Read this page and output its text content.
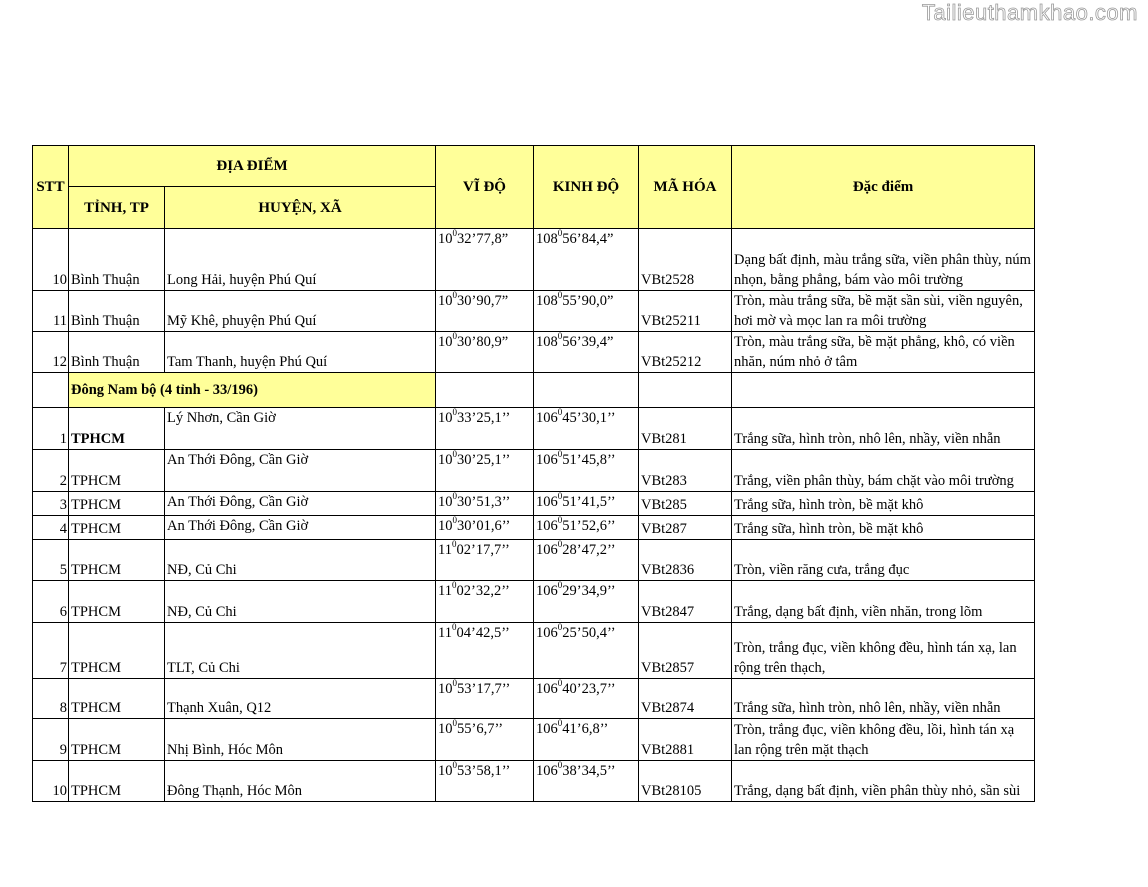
Tailieuthamkhao.com
STT	ĐỊA ĐIỂM		VĨ ĐỘ	KINH ĐỘ	MÃ HÓA	Đặc điểm
	TỈNH, TP	HUYỆN, XÃ				
10	Bình Thuận	Long Hải, huyện Phú Quí	$10^032’77,8$”	$108^056’84,4$”	VBt2528	Dạng bất định, màu trắng sữa, viền phân thùy, núm nhọn, bằng phẳng, bám vào môi trường
11	Bình Thuận	Mỹ Khê, phuyện Phú Quí	$10^030’90,7$”	$108^055’90,0$”	VBt25211	Tròn, màu trắng sữa, bề mặt sần sùi, viền nguyên, hơi mờ và mọc lan ra môi trường
12	Bình Thuận	Tam Thanh, huyện Phú Quí	$10^030’80,9$”	$108^056’39,4$”	VBt25212	Tròn, màu trắng sữa, bề mặt phẳng, khô, có viền nhăn, núm nhỏ ở tâm
	Đông Nam bộ (4 tỉnh - 33/196)					
1	TPHCM	Lý Nhơn, Cần Giờ	$10^033’25,1$’’	$106^045’30,1$’’	VBt281	Trắng sữa, hình tròn, nhô lên, nhầy, viền nhẵn
2	TPHCM	An Thới Đông, Cần Giờ	$10^030’25,1$’’	$106^051’45,8$’’	VBt283	Trắng, viền phân thùy, bám chặt vào môi trường
3	TPHCM	An Thới Đông, Cần Giờ	$10^030’51,3$’’	$106^051’41,5$’’	VBt285	Trắng sữa, hình tròn, bề mặt khô
4	TPHCM	An Thới Đông, Cần Giờ	$10^030’01,6$’’	$106^051’52,6$’’	VBt287	Trắng sữa, hình tròn, bề mặt khô
5	TPHCM	NĐ, Củ Chi	$11^002’17,7$’’	$106^028’47,2$’’	VBt2836	Tròn, viền răng cưa, trắng đục
6	TPHCM	NĐ, Củ Chi	$11^002’32,2$’’	$106^029’34,9$’’	VBt2847	Trắng, dạng bất định, viền nhăn, trong lõm
7	TPHCM	TLT, Củ Chi	$11^004’42,5$’’	$106^025’50,4$’’	VBt2857	Tròn, trắng đục, viền không đều, hình tán xạ, lan rộng trên thạch,
8	TPHCM	Thạnh Xuân, Q12	$10^053’17,7$’’	$106^040’23,7$’’	VBt2874	Trắng sữa, hình tròn, nhô lên, nhầy, viền nhẵn
9	TPHCM	Nhị Bình, Hóc Môn	$10^055’6,7$’’	$106^041’6,8$’’	VBt2881	Tròn, trắng đục, viền không đều, lồi, hình tán xạ lan rộng trên mặt thạch
10	TPHCM	Đông Thạnh, Hóc Môn	$10^053’58,1$’’	$106^038’34,5$’’	VBt28105	Trắng, dạng bất định, viền phân thùy nhỏ, sần sùi
